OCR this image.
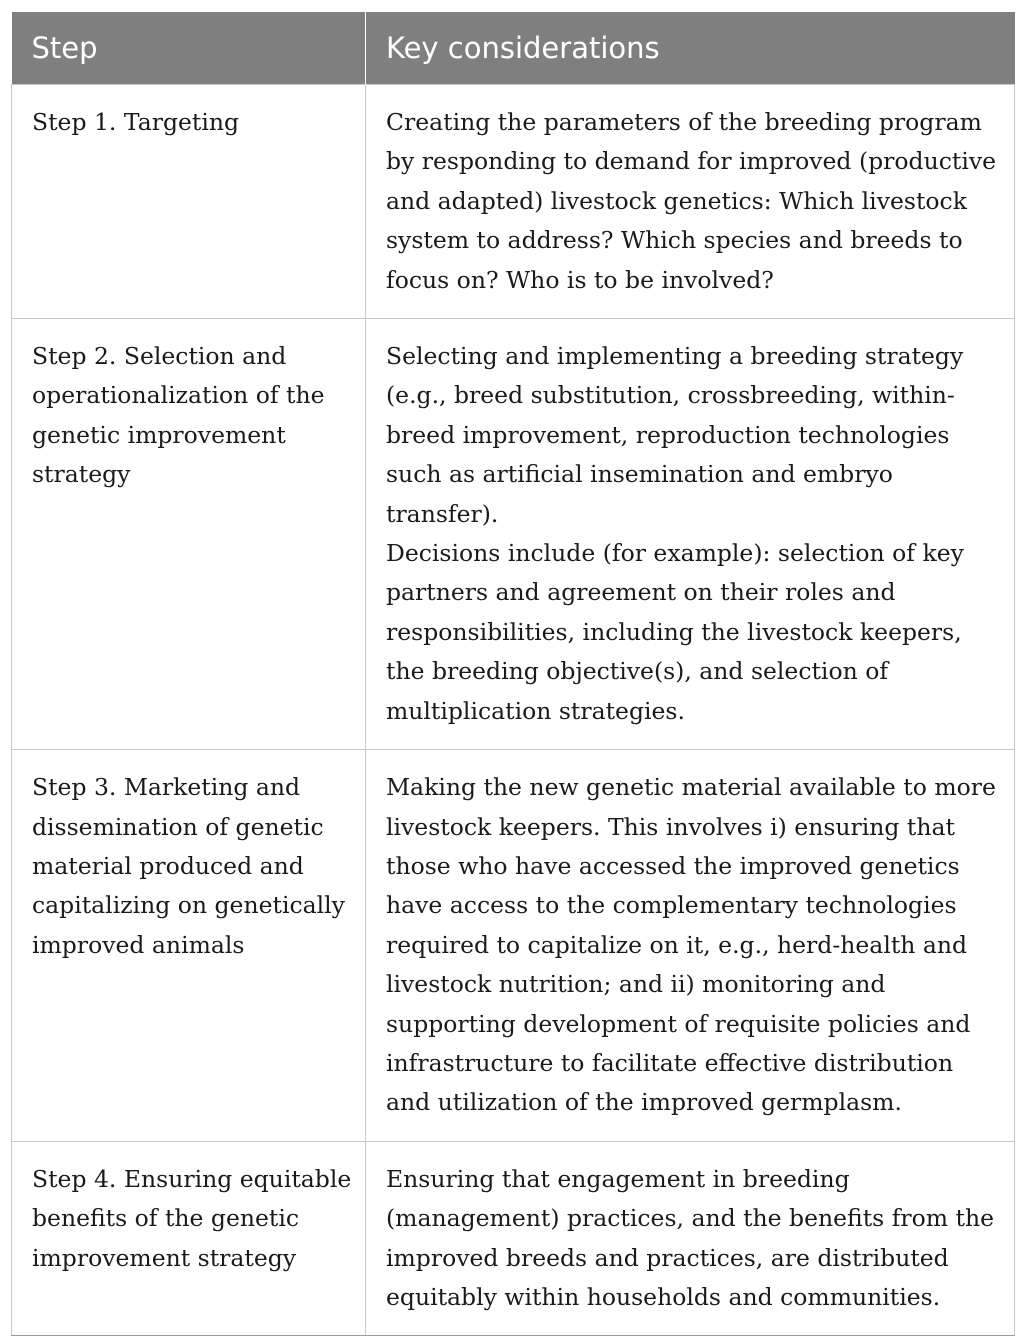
Step	Key considerations
Step 1. Targeting	Creating the parameters of the breeding program by responding to demand for improved (productive and adapted) livestock genetics: Which livestock system to address? Which species and breeds to focus on? Who is to be involved?

Step 2. Selection and operationalization of the genetic improvement strategy	Selecting and implementing a breeding strategy (e.g., breed substitution, crossbreeding, within-breed improvement, reproduction technologies such as artificial insemination and embryo transfer).
Decisions include (for example): selection of key partners and agreement on their roles and responsibilities, including the livestock keepers, the breeding objective(s), and selection of multiplication strategies.

Step 3. Marketing and dissemination of genetic material produced and capitalizing on genetically improved animals	Making the new genetic material available to more livestock keepers. This involves i) ensuring that those who have accessed the improved genetics have access to the complementary technologies required to capitalize on it, e.g., herd-health and livestock nutrition; and ii) monitoring and supporting development of requisite policies and infrastructure to facilitate effective distribution and utilization of the improved germplasm.

Step 4. Ensuring equitable benefits of the genetic improvement strategy	Ensuring that engagement in breeding (management) practices, and the benefits from the improved breeds and practices, are distributed equitably within households and communities.
